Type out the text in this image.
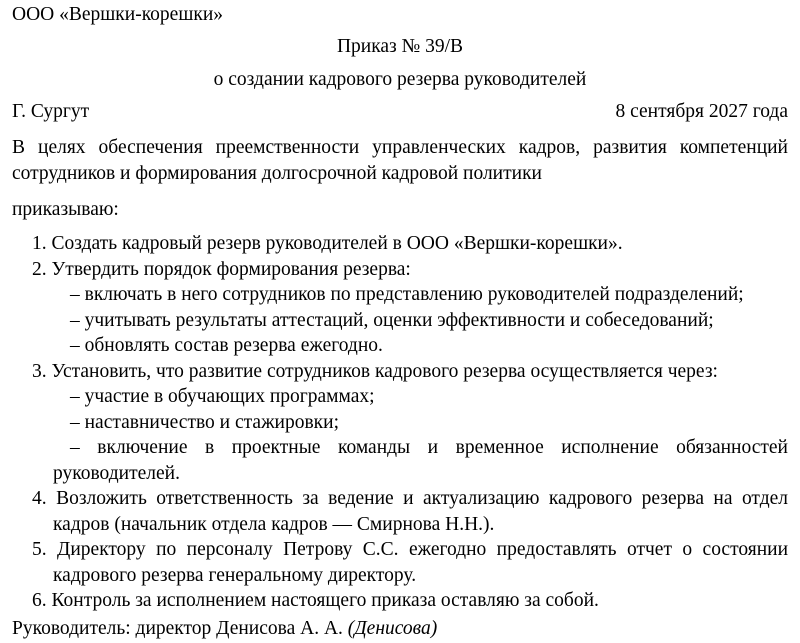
ООО «Вершки-корешки»

Приказ № 39/В

о создании кадрового резерва руководителей

Г. Сургут	8 сентября 2027 года

В целях обеспечения преемственности управленческих кадров, развития компетенций сотрудников и формирования долгосрочной кадровой политики

приказываю:

1. Создать кадровый резерв руководителей в ООО «Вершки-корешки».

2. Утвердить порядок формирования резерва:

– включать в него сотрудников по представлению руководителей подразделений;

– учитывать результаты аттестаций, оценки эффективности и собеседований;

– обновлять состав резерва ежегодно.

3. Установить, что развитие сотрудников кадрового резерва осуществляется через:

– участие в обучающих программах;

– наставничество и стажировки;

– включение в проектные команды и временное исполнение обязанностей руководителей.

4. Возложить ответственность за ведение и актуализацию кадрового резерва на отдел кадров (начальник отдела кадров — Смирнова Н.Н.).

5. Директору по персоналу Петрову С.С. ежегодно предоставлять отчет о состоянии кадрового резерва генеральному директору.

6. Контроль за исполнением настоящего приказа оставляю за собой.

Руководитель: директор Денисова А. А. (Денисова)
